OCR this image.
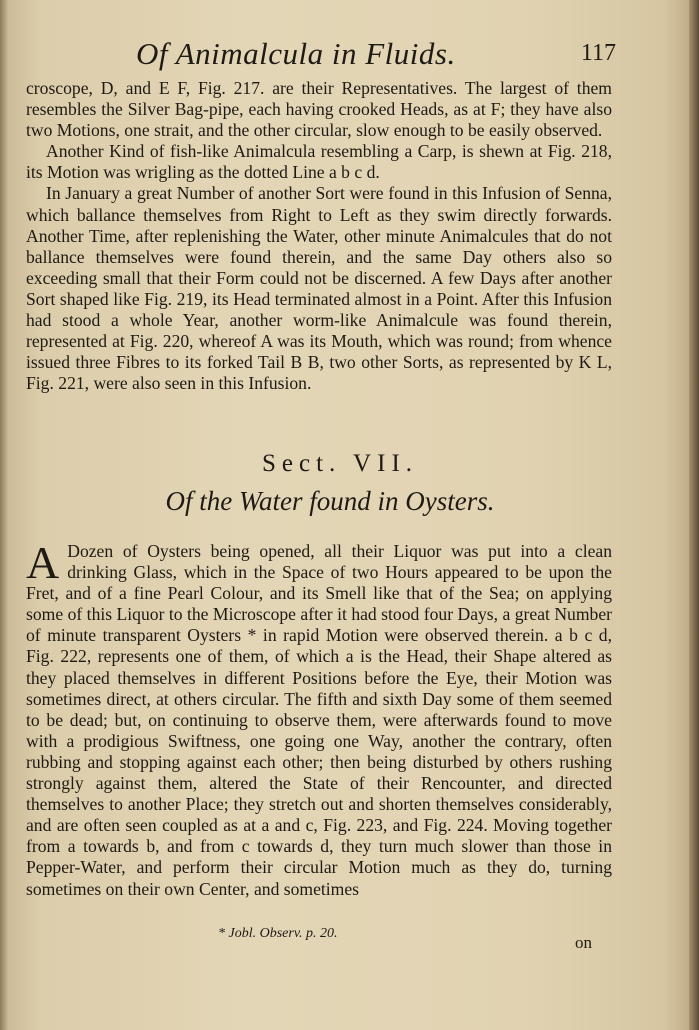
Of Animalcula in Fluids.	117

croscope, D, and E F, Fig. 217. are their Representatives. The largest of them resembles the Silver Bag-pipe, each having crooked Heads, as at F; they have also two Motions, one strait, and the other circular, slow enough to be easily observed.

Another Kind of fish-like Animalcula resembling a Carp, is shewn at Fig. 218, its Motion was wrigling as the dotted Line a b c d.

In January a great Number of another Sort were found in this Infusion of Senna, which ballance themselves from Right to Left as they swim directly forwards. Another Time, after replenishing the Water, other minute Animalcules that do not ballance themselves were found therein, and the same Day others also so exceeding small that their Form could not be discerned. A few Days after another Sort shaped like Fig. 219, its Head terminated almost in a Point. After this Infusion had stood a whole Year, another worm-like Animalcule was found therein, represented at Fig. 220, whereof A was its Mouth, which was round; from whence issued three Fibres to its forked Tail B B, two other Sorts, as represented by K L, Fig. 221, were also seen in this Infusion.

Sect. VII.
Of the Water found in Oysters.
A Dozen of Oysters being opened, all their Liquor was put into a clean drinking Glass, which in the Space of two Hours appeared to be upon the Fret, and of a fine Pearl Colour, and its Smell like that of the Sea; on applying some of this Liquor to the Microscope after it had stood four Days, a great Number of minute transparent Oysters * in rapid Motion were observed therein. a b c d, Fig. 222, represents one of them, of which a is the Head, their Shape altered as they placed themselves in different Positions before the Eye, their Motion was sometimes direct, at others circular. The fifth and sixth Day some of them seemed to be dead; but, on continuing to observe them, were afterwards found to move with a prodigious Swiftness, one going one Way, another the contrary, often rubbing and stopping against each other; then being disturbed by others rushing strongly against them, altered the State of their Rencounter, and directed themselves to another Place; they stretch out and shorten themselves considerably, and are often seen coupled as at a and c, Fig. 223, and Fig. 224. Moving together from a towards b, and from c towards d, they turn much slower than those in Pepper-Water, and perform their circular Motion much as they do, turning sometimes on their own Center, and sometimes

* Jobl. Observ. p. 20.	on
